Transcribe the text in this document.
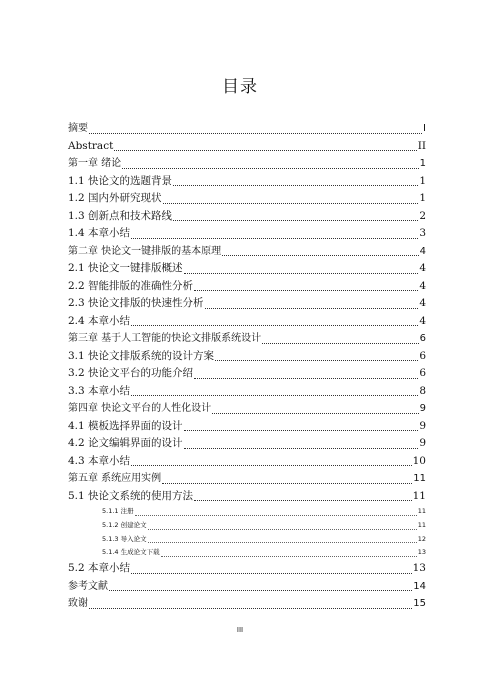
目录
摘要	I
Abstract	II
第一章 绪论	1
1.1 快论文的选题背景	1
1.2 国内外研究现状	1
1.3 创新点和技术路线	2
1.4 本章小结	3
第二章 快论文一键排版的基本原理	4
2.1 快论文一键排版概述	4
2.2 智能排版的准确性分析	4
2.3 快论文排版的快速性分析	4
2.4 本章小结	4
第三章 基于人工智能的快论文排版系统设计	6
3.1 快论文排版系统的设计方案	6
3.2 快论文平台的功能介绍	6
3.3 本章小结	8
第四章 快论文平台的人性化设计	9
4.1 模板选择界面的设计	9
4.2 论文编辑界面的设计	9
4.3 本章小结	10
第五章 系统应用实例	11
5.1 快论文系统的使用方法	11
5.1.1 注册	11
5.1.2 创建论文	11
5.1.3 导入论文	12
5.1.4 生成论文下载	13
5.2 本章小结	13
参考文献	14
致谢	15
III
